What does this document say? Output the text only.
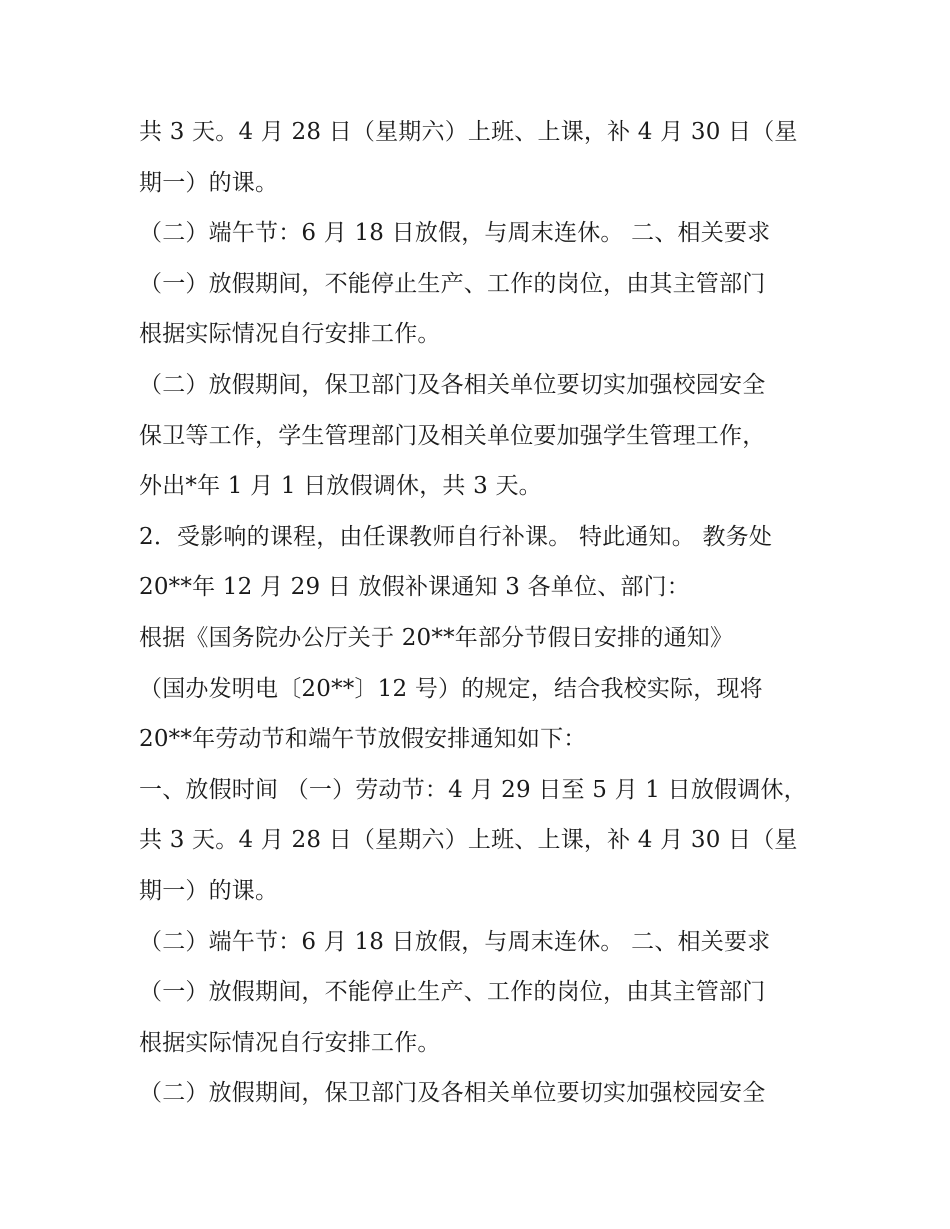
共 3 天。4 月 28 日（星期六）上班、上课，补 4 月 30 日（星
期一）的课。
（二）端午节：6 月 18 日放假，与周末连休。 二、相关要求
（一）放假期间，不能停止生产、工作的岗位，由其主管部门
根据实际情况自行安排工作。
（二）放假期间，保卫部门及各相关单位要切实加强校园安全
保卫等工作，学生管理部门及相关单位要加强学生管理工作，
外出*年 1 月 1 日放假调休，共 3 天。
2．受影响的课程，由任课教师自行补课。 特此通知。 教务处
20**年 12 月 29 日 放假补课通知 3 各单位、部门：
根据《国务院办公厅关于 20**年部分节假日安排的通知》
（国办发明电〔20**〕12 号）的规定，结合我校实际，现将
20**年劳动节和端午节放假安排通知如下：
一、放假时间 （一）劳动节：4 月 29 日至 5 月 1 日放假调休，
共 3 天。4 月 28 日（星期六）上班、上课，补 4 月 30 日（星
期一）的课。
（二）端午节：6 月 18 日放假，与周末连休。 二、相关要求
（一）放假期间，不能停止生产、工作的岗位，由其主管部门
根据实际情况自行安排工作。
（二）放假期间，保卫部门及各相关单位要切实加强校园安全
